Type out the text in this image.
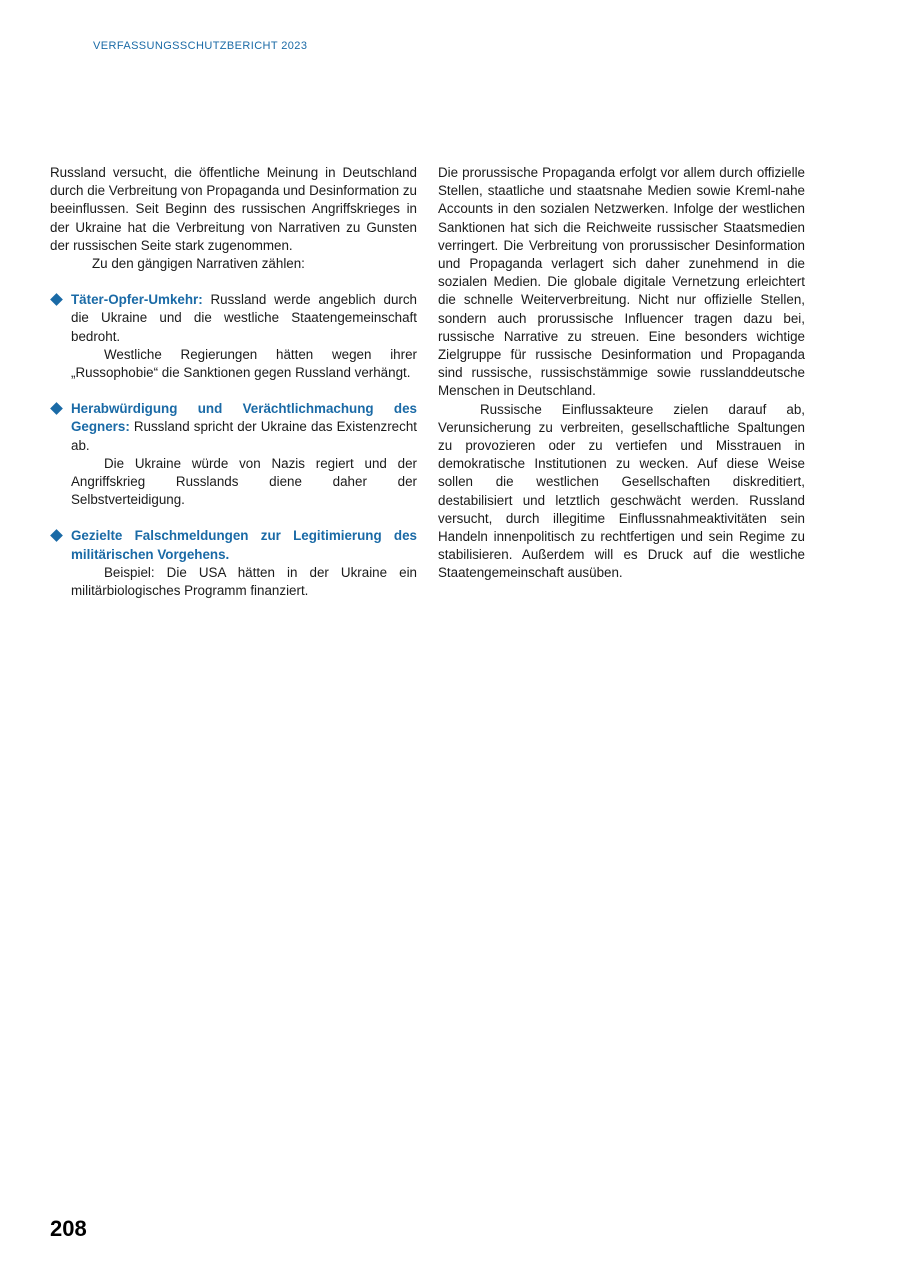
VERFASSUNGSSCHUTZBERICHT 2023

Russland versucht, die öffentliche Meinung in Deutschland durch die Verbreitung von Propaganda und Desinformation zu beeinflussen. Seit Beginn des russischen Angriffskrieges in der Ukraine hat die Verbreitung von Narrativen zu Gunsten der russischen Seite stark zugenommen.

Zu den gängigen Narrativen zählen:

Täter-Opfer-Umkehr: Russland werde angeblich durch die Ukraine und die westliche Staatengemeinschaft bedroht.

Westliche Regierungen hätten wegen ihrer „Russophobie“ die Sanktionen gegen Russland verhängt.

Herabwürdigung und Verächtlichmachung des Gegners: Russland spricht der Ukraine das Existenzrecht ab.

Die Ukraine würde von Nazis regiert und der Angriffskrieg Russlands diene daher der Selbstverteidigung.

Gezielte Falschmeldungen zur Legitimierung des militärischen Vorgehens.

Beispiel: Die USA hätten in der Ukraine ein militärbiologisches Programm finanziert.

Die prorussische Propaganda erfolgt vor allem durch offizielle Stellen, staatliche und staatsnahe Medien sowie Kreml-nahe Accounts in den sozialen Netzwerken. Infolge der westlichen Sanktionen hat sich die Reichweite russischer Staatsmedien verringert. Die Verbreitung von prorussischer Desinformation und Propaganda verlagert sich daher zunehmend in die sozialen Medien. Die globale digitale Vernetzung erleichtert die schnelle Weiterverbreitung. Nicht nur offizielle Stellen, sondern auch prorussische Influencer tragen dazu bei, russische Narrative zu streuen. Eine besonders wichtige Zielgruppe für russische Desinformation und Propaganda sind russische, russischstämmige sowie russlanddeutsche Menschen in Deutschland.

Russische Einflussakteure zielen darauf ab, Verunsicherung zu verbreiten, gesellschaftliche Spaltungen zu provozieren oder zu vertiefen und Misstrauen in demokratische Institutionen zu wecken. Auf diese Weise sollen die westlichen Gesellschaften diskreditiert, destabilisiert und letztlich geschwächt werden. Russland versucht, durch illegitime Einflussnahmeaktivitäten sein Handeln innenpolitisch zu rechtfertigen und sein Regime zu stabilisieren. Außerdem will es Druck auf die westliche Staatengemeinschaft ausüben.

208
